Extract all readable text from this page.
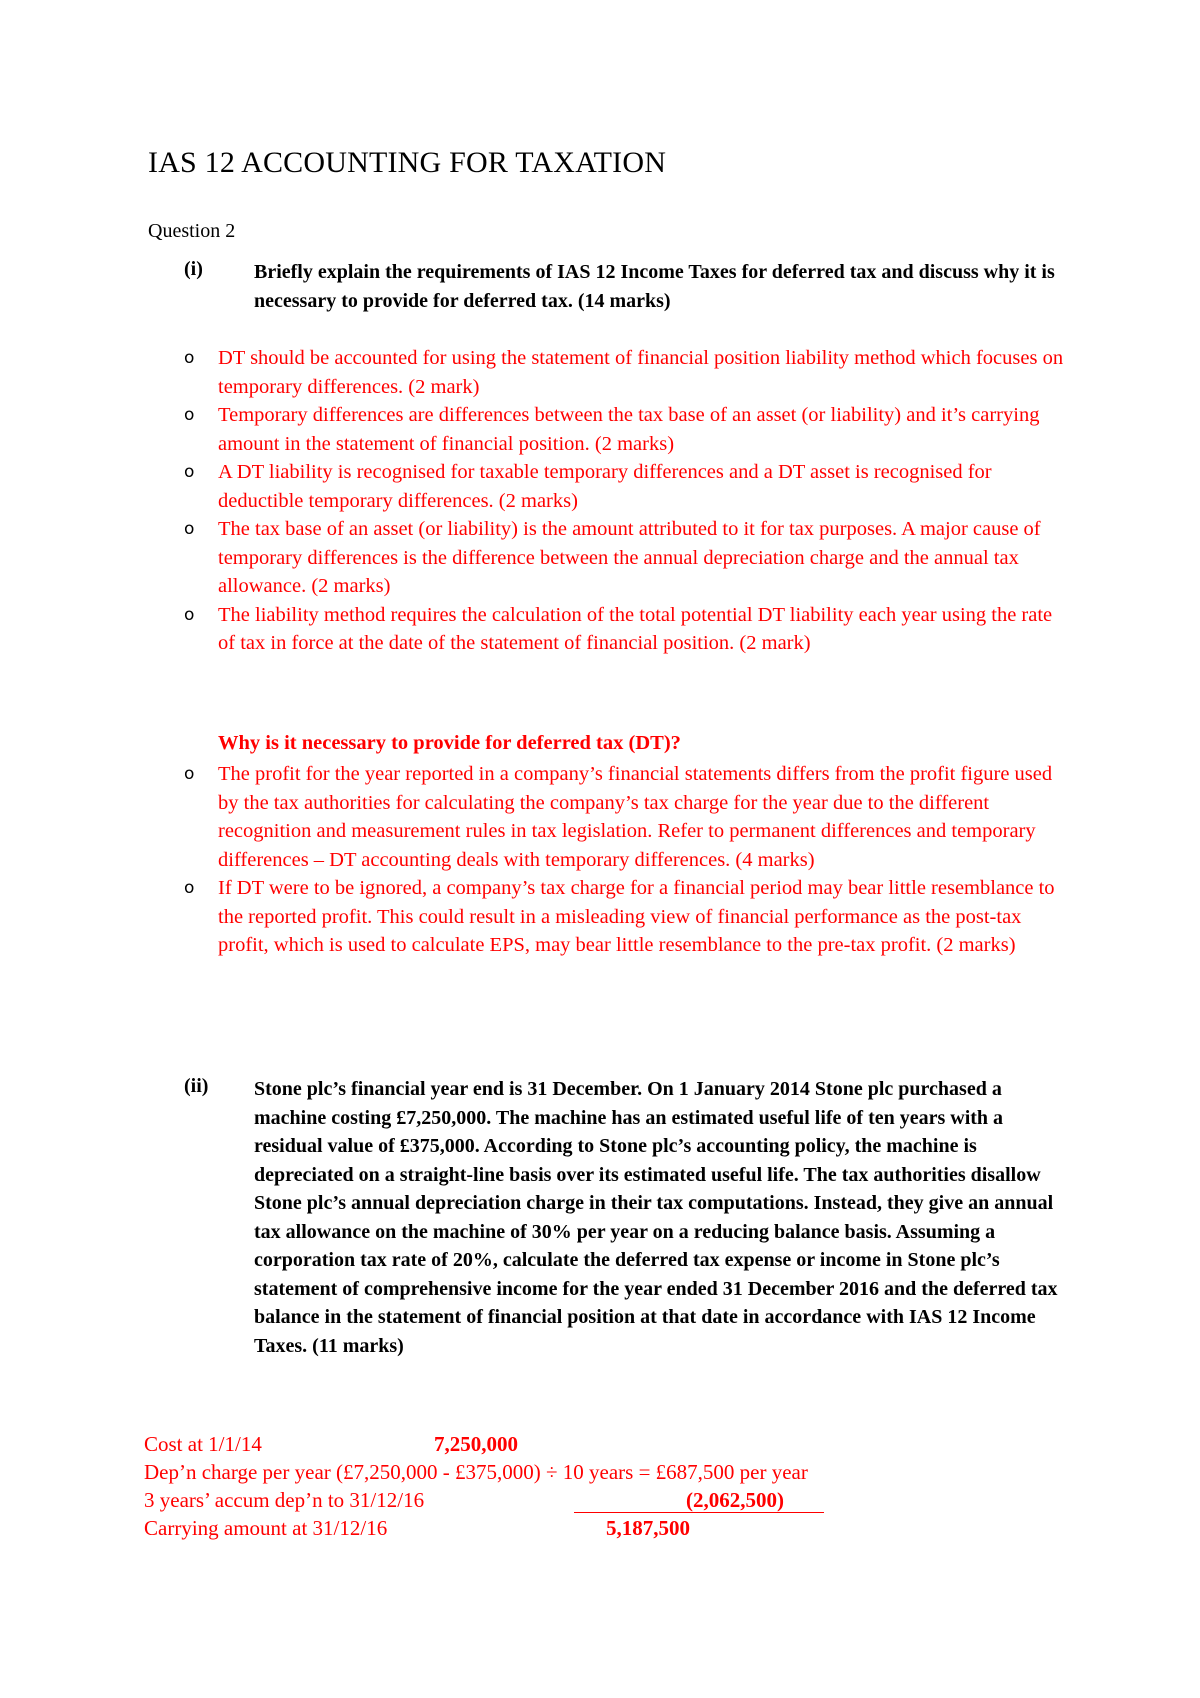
IAS 12 ACCOUNTING FOR TAXATION
Question 2
(i)	Briefly explain the requirements of IAS 12 Income Taxes for deferred tax and discuss why it is necessary to provide for deferred tax. (14 marks)
o DT should be accounted for using the statement of financial position liability method which focuses on temporary differences. (2 mark)
o Temporary differences are differences between the tax base of an asset (or liability) and it’s carrying amount in the statement of financial position. (2 marks)
o A DT liability is recognised for taxable temporary differences and a DT asset is recognised for deductible temporary differences. (2 marks)
o The tax base of an asset (or liability) is the amount attributed to it for tax purposes. A major cause of temporary differences is the difference between the annual depreciation charge and the annual tax allowance. (2 marks)
o The liability method requires the calculation of the total potential DT liability each year using the rate of tax in force at the date of the statement of financial position. (2 mark)
Why is it necessary to provide for deferred tax (DT)?
o The profit for the year reported in a company’s financial statements differs from the profit figure used by the tax authorities for calculating the company’s tax charge for the year due to the different recognition and measurement rules in tax legislation. Refer to permanent differences and temporary differences – DT accounting deals with temporary differences. (4 marks)
o If DT were to be ignored, a company’s tax charge for a financial period may bear little resemblance to the reported profit. This could result in a misleading view of financial performance as the post-tax profit, which is used to calculate EPS, may bear little resemblance to the pre-tax profit. (2 marks)
(ii) Stone plc’s financial year end is 31 December. On 1 January 2014 Stone plc purchased a machine costing £7,250,000. The machine has an estimated useful life of ten years with a residual value of £375,000. According to Stone plc’s accounting policy, the machine is depreciated on a straight-line basis over its estimated useful life. The tax authorities disallow Stone plc’s annual depreciation charge in their tax computations. Instead, they give an annual tax allowance on the machine of 30% per year on a reducing balance basis. Assuming a corporation tax rate of 20%, calculate the deferred tax expense or income in Stone plc’s statement of comprehensive income for the year ended 31 December 2016 and the deferred tax balance in the statement of financial position at that date in accordance with IAS 12 Income Taxes. (11 marks)
Cost at 1/1/14	7,250,000
Dep’n charge per year (£7,250,000 - £375,000) ÷ 10 years = £687,500 per year
3 years’ accum dep’n to 31/12/16	(2,062,500)
Carrying amount at 31/12/16	5,187,500
